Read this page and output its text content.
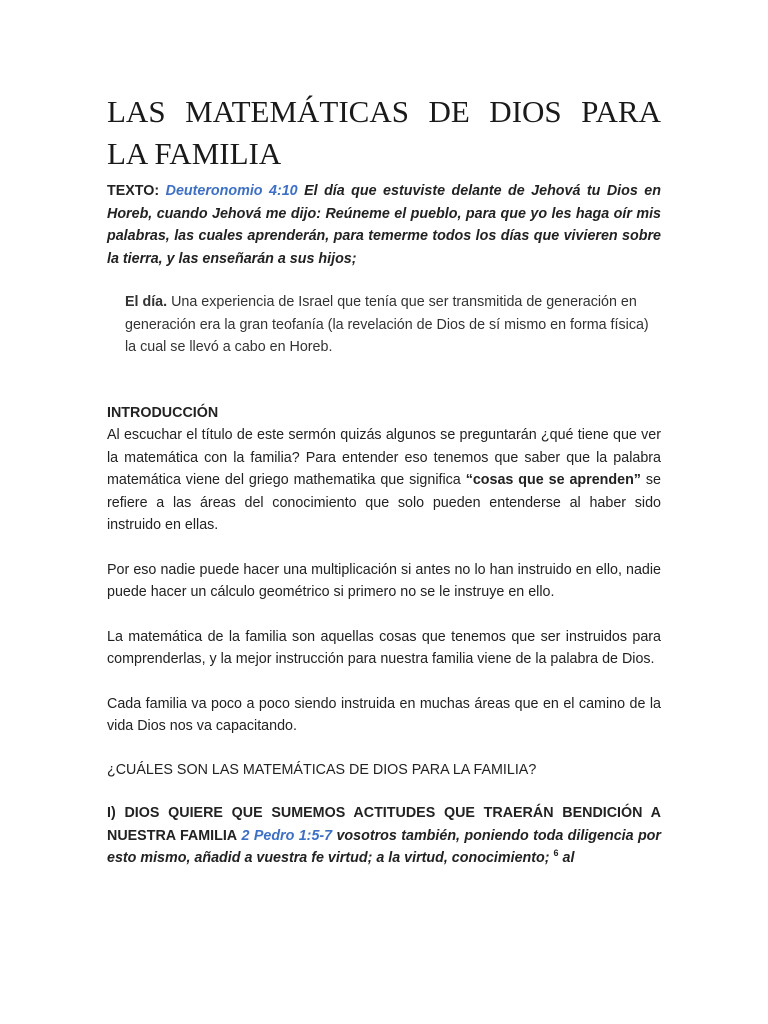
LAS MATEMÁTICAS DE DIOS PARA LA FAMILIA

TEXTO: Deuteronomio 4:10 El día que estuviste delante de Jehová tu Dios en Horeb, cuando Jehová me dijo: Reúneme el pueblo, para que yo les haga oír mis palabras, las cuales aprenderán, para temerme todos los días que vivieren sobre la tierra, y las enseñarán a sus hijos;

El día. Una experiencia de Israel que tenía que ser transmitida de generación en generación era la gran teofanía (la revelación de Dios de sí mismo en forma física) la cual se llevó a cabo en Horeb.

INTRODUCCIÓN

Al escuchar el título de este sermón quizás algunos se preguntarán ¿qué tiene que ver la matemática con la familia? Para entender eso tenemos que saber que la palabra matemática viene del griego mathematika que significa “cosas que se aprenden” se refiere a las áreas del conocimiento que solo pueden entenderse al haber sido instruido en ellas.

Por eso nadie puede hacer una multiplicación si antes no lo han instruido en ello, nadie puede hacer un cálculo geométrico si primero no se le instruye en ello.

La matemática de la familia son aquellas cosas que tenemos que ser instruidos para comprenderlas, y la mejor instrucción para nuestra familia viene de la palabra de Dios.

Cada familia va poco a poco siendo instruida en muchas áreas que en el camino de la vida Dios nos va capacitando.

¿CUÁLES SON LAS MATEMÁTICAS DE DIOS PARA LA FAMILIA?

I) DIOS QUIERE QUE SUMEMOS ACTITUDES QUE TRAERÁN BENDICIÓN A NUESTRA FAMILIA 2 Pedro 1:5-7 vosotros también, poniendo toda diligencia por esto mismo, añadid a vuestra fe virtud; a la virtud, conocimiento; $^6$ al
